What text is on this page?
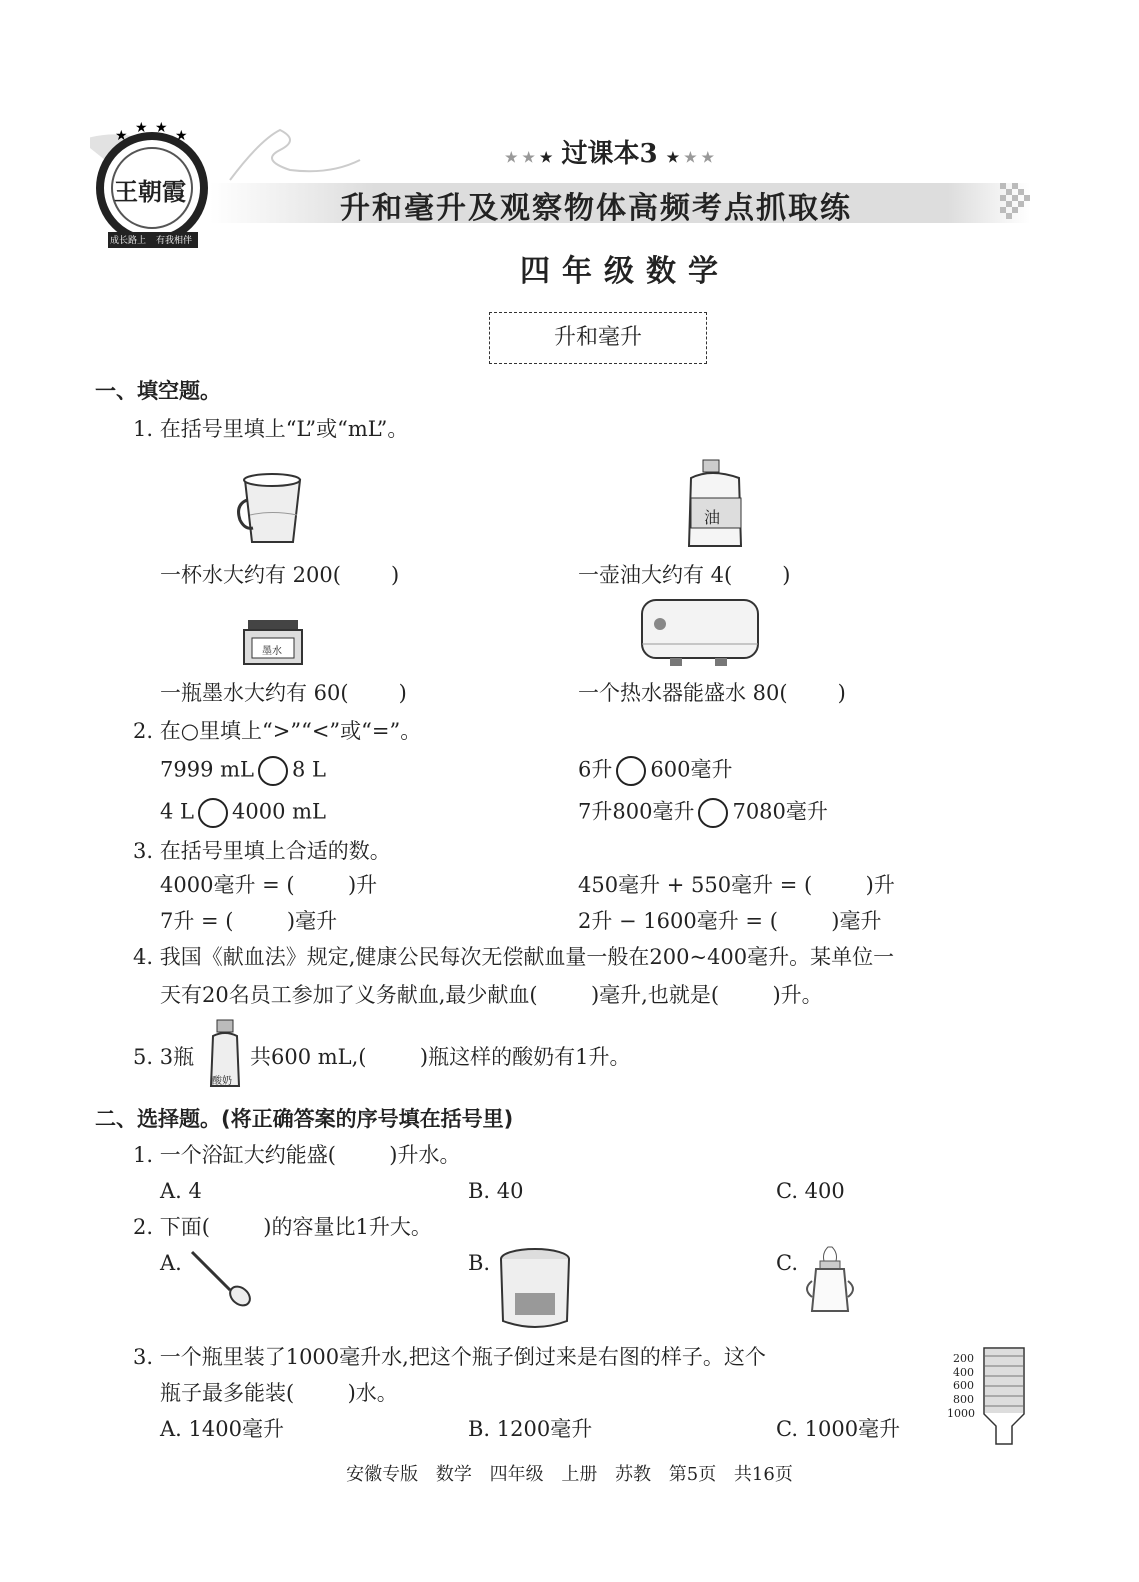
★ ★ ★ ★
王朝霞
成长路上 有我相伴
★ ★ ★ 过课本3 ★ ★ ★
升和毫升及观察物体高频考点抓取练
四年级数学
升和毫升
一、填空题。
1. 在括号里填上“L”或“mL”。
油
一杯水大约有 200( )	一壶油大约有 4( )
墨水
一瓶墨水大约有 60( )	一个热水器能盛水 80( )
2. 在○里填上“>”“<”或“=”。
7999 mL 8 L	6升 600毫升
4 L 4000 mL	7升800毫升 7080毫升
3. 在括号里填上合适的数。
4000毫升 = (        )升	450毫升 + 550毫升 = (        )升
7升 = (        )毫升	2升 − 1600毫升 = (        )毫升
4. 我国《献血法》规定,健康公民每次无偿献血量一般在200~400毫升。某单位一
天有20名员工参加了义务献血,最少献血(        )毫升,也就是(        )升。
5. 3瓶
酸奶
共600 mL,(        )瓶这样的酸奶有1升。
二、选择题。(将正确答案的序号填在括号里)
1. 一个浴缸大约能盛(        )升水。
A. 4	B. 40	C. 400
2. 下面(        )的容量比1升大。
A.	B.	C.
3. 一个瓶里装了1000毫升水,把这个瓶子倒过来是右图的样子。这个
瓶子最多能装(        )水。
A. 1400毫升	B. 1200毫升	C. 1000毫升
200
400
600
800
1000
安徽专版 数学 四年级 上册 苏教 第5页 共16页
